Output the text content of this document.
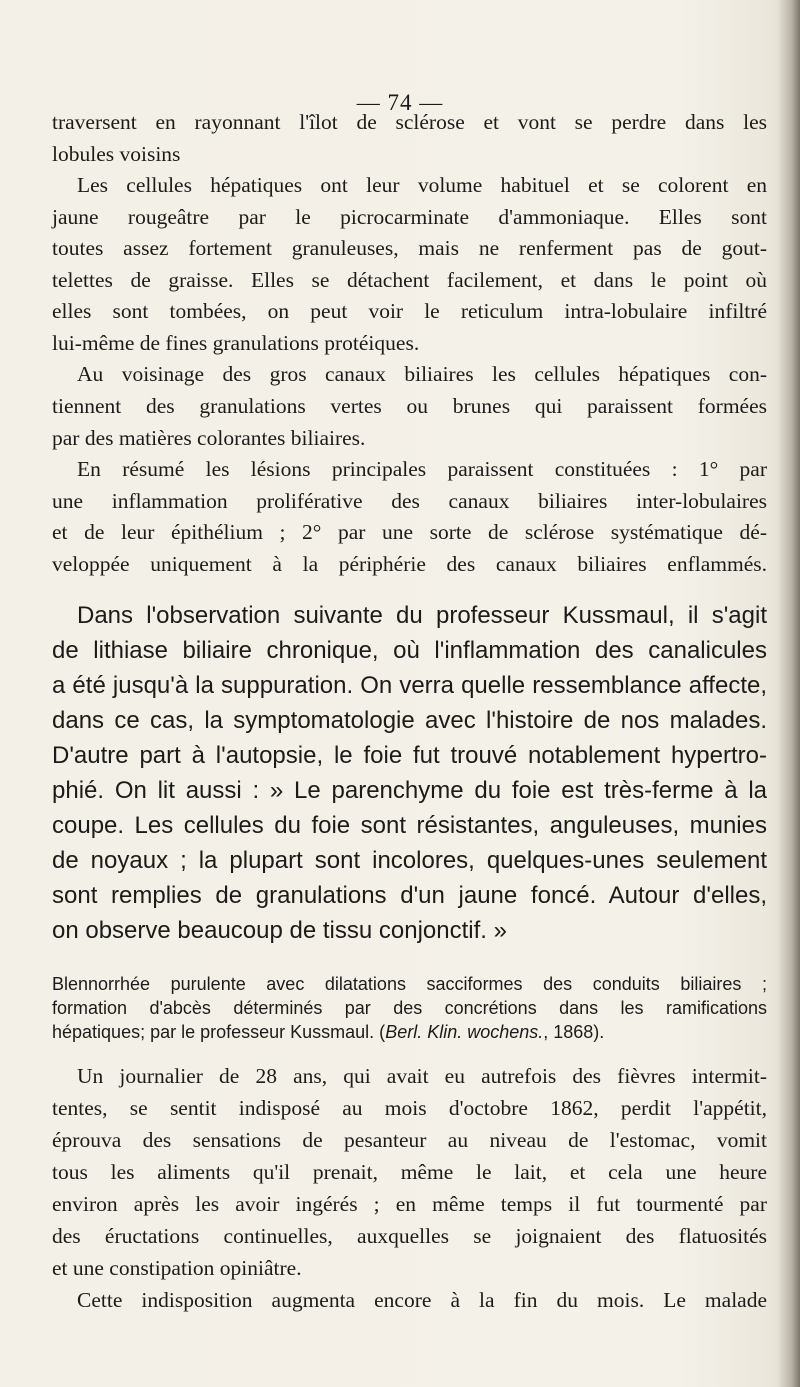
— 74 —
traversent en rayonnant l'îlot de sclérose et vont se perdre dans les
lobules voisins
Les cellules hépatiques ont leur volume habituel et se colorent en
jaune rougeâtre par le picrocarminate d'ammoniaque. Elles sont
toutes assez fortement granuleuses, mais ne renferment pas de gout-
telettes de graisse. Elles se détachent facilement, et dans le point où
elles sont tombées, on peut voir le reticulum intra-lobulaire infiltré
lui-même de fines granulations protéiques.
Au voisinage des gros canaux biliaires les cellules hépatiques con-
tiennent des granulations vertes ou brunes qui paraissent formées
par des matières colorantes biliaires.
En résumé les lésions principales paraissent constituées : 1° par
une inflammation proliférative des canaux biliaires inter-lobulaires
et de leur épithélium ; 2° par une sorte de sclérose systématique dé-
veloppée uniquement à la périphérie des canaux biliaires enflammés.
Dans l'observation suivante du professeur Kussmaul, il s'agit
de lithiase biliaire chronique, où l'inflammation des canalicules
a été jusqu'à la suppuration. On verra quelle ressemblance affecte,
dans ce cas, la symptomatologie avec l'histoire de nos malades.
D'autre part à l'autopsie, le foie fut trouvé notablement hypertro-
phié. On lit aussi : » Le parenchyme du foie est très-ferme à la
coupe. Les cellules du foie sont résistantes, anguleuses, munies
de noyaux ; la plupart sont incolores, quelques-unes seulement
sont remplies de granulations d'un jaune foncé. Autour d'elles,
on observe beaucoup de tissu conjonctif. »
Blennorrhée purulente avec dilatations sacciformes des conduits biliaires ;
formation d'abcès déterminés par des concrétions dans les ramifications
hépatiques; par le professeur Kussmaul. (Berl. Klin. wochens., 1868).
Un journalier de 28 ans, qui avait eu autrefois des fièvres intermit-
tentes, se sentit indisposé au mois d'octobre 1862, perdit l'appétit,
éprouva des sensations de pesanteur au niveau de l'estomac, vomit
tous les aliments qu'il prenait, même le lait, et cela une heure
environ après les avoir ingérés ; en même temps il fut tourmenté par
des éructations continuelles, auxquelles se joignaient des flatuosités
et une constipation opiniâtre.
Cette indisposition augmenta encore à la fin du mois. Le malade
